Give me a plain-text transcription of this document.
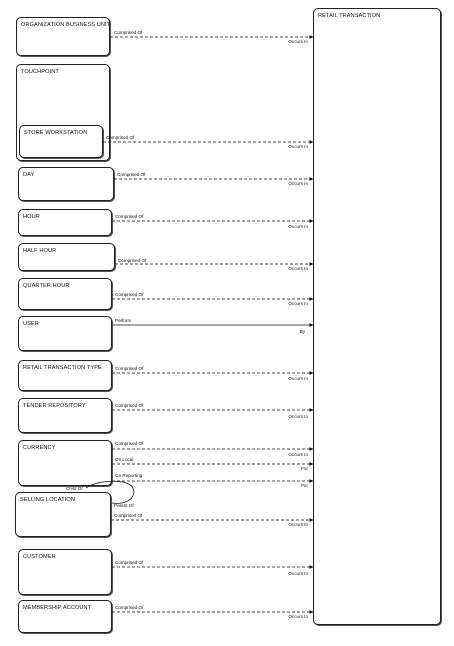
RETAIL TRANSACTION
ORGANIZATION BUSINESS UNIT
TOUCHPOINT
STORE WORKSTATION
DAY
HOUR
HALF HOUR
QUARTER HOUR
USER
RETAIL TRANSACTION TYPE
TENDER REPOSITORY
CURRENCY
SELLING LOCATION
CUSTOMER
MEMBERSHIP ACCOUNT
Comprised Of
Occurs In
Comprised Of
Occurs In
Comprised Of
Occurs In
Comprised Of
Occurs In
Comprised Of
Occurs In
Comprised Of
Occurs In
Perform
By
Comprised Of
Occurs In
Comprised Of
Occurs In
Comprised Of
Occurs In
On Local
For
On Reporting
For
Comprised Of
Occurs In
Comprised Of
Occurs In
Comprised Of
Occurs In
Child Of
Parent Of
